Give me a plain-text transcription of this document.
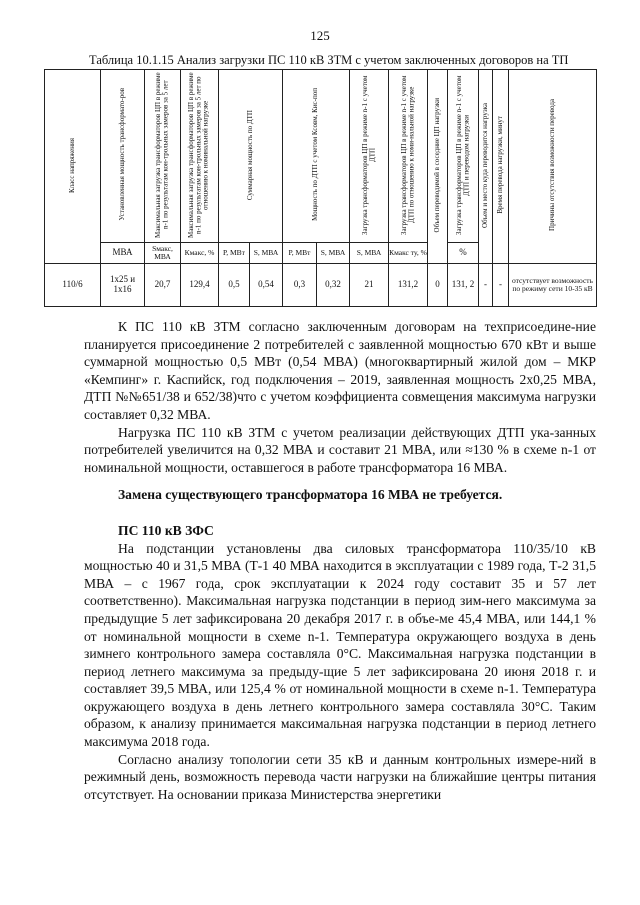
125
Таблица 10.1.15 Анализ загрузки ПС 110 кВ ЗТМ с учетом заключенных договоров на ТП
Класс напряжения	Установленная мощность трансформато-ров	Максимальная загрузка трансформаторов ЦП в режиме n-1 по результатам кон-трольных замеров за 5 лет	Максимальная загрузка трансформаторов ЦП в режиме n-1 по результатам кон-трольных замеров за 5 лет по отношению к номинальной нагрузке	Суммарная мощность по ДТП		Мощность по ДТП с учетом Ксовм, Кис-поп		Загрузка трансформаторов ЦП в режиме n-1 с учетом ДТП	Загрузка трансформаторов ЦП в режиме n-1 с учетом ДТП по отношению к номи-нальной нагрузке	Объем переводимой в соседние ЦП нагрузки	Загрузка трансформаторов ЦП в режиме n-1 с учетом ДТП и переводом нагрузки	Объем и место куда переводится нагрузка	Время перевода нагрузки, минут	Причины отсутствия возможности перевода
	МВА	Sмакс, МВА	Кмакс, %	Р, МВт	S, МВА	Р, МВт	S, МВА	S, МВА	Кмакс ту, %		%			
110/6	1х25 и 1х16	20,7	129,4	0,5	0,54	0,3	0,32	21	131,2	0	131, 2	-	-	отсутствует возможность по режиму сети 10-35 кВ

К ПС 110 кВ ЗТМ согласно заключенным договорам на техприсоедине-ние планируется присоединение 2 потребителей с заявленной мощностью 670 кВт и выше суммарной мощностью 0,5 МВт (0,54 МВА) (многоквартирный жилой дом – МКР «Кемпинг» г. Каспийск, год подключения – 2019, заявленная мощность 2х0,25 МВА, ДТП №№651/38 и 652/38)что с учетом коэффициента совмещения максимума нагрузки составляет 0,32 МВА.

Нагрузка ПС 110 кВ ЗТМ с учетом реализации действующих ДТП ука-занных потребителей увеличится на 0,32 МВА и составит 21 МВА, или ≈130 % в схеме n-1 от номинальной мощности, оставшегося в работе трансформатора 16 МВА.

Замена существующего трансформатора 16 МВА не требуется.

ПС 110 кВ ЗФС

На подстанции установлены два силовых трансформатора 110/35/10 кВ мощностью 40 и 31,5 МВА (Т-1 40 МВА находится в эксплуатации с 1989 года, Т-2 31,5 МВА – с 1967 года, срок эксплуатации к 2024 году составит 35 и 57 лет соответственно). Максимальная нагрузка подстанции в период зим-него максимума за предыдущие 5 лет зафиксирована 20 декабря 2017 г. в объе-ме 45,4 МВА, или 144,1 % от номинальной мощности в схеме n-1. Температура окружающего воздуха в день зимнего контрольного замера составляла 0°С. Максимальная нагрузка подстанции в период летнего максимума за предыду-щие 5 лет зафиксирована 20 июня 2018 г. и составляет 39,5 МВА, или 125,4 % от номинальной мощности в схеме n-1. Температура окружающего воздуха в день летнего контрольного замера составляла 30°С. Таким образом, к анализу принимается максимальная нагрузка подстанции в период летнего максимума 2018 года.

Согласно анализу топологии сети 35 кВ и данным контрольных измере-ний в режимный день, возможность перевода части нагрузки на ближайшие центры питания отсутствует. На основании приказа Министерства энергетики
